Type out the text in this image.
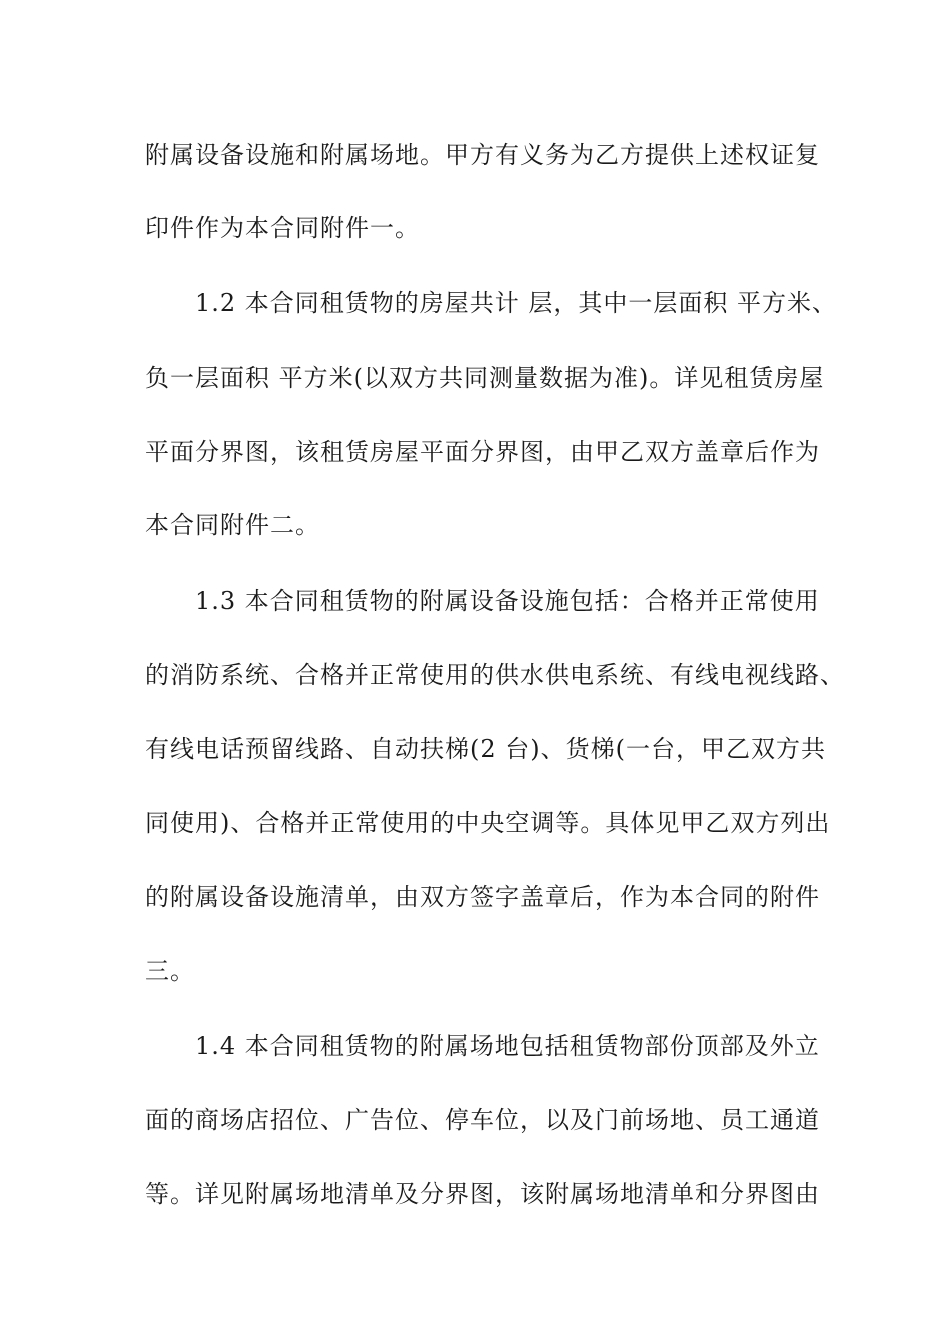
附属设备设施和附属场地。甲方有义务为乙方提供上述权证复
印件作为本合同附件一。
1.2 本合同租赁物的房屋共计 层，其中一层面积 平方米、
负一层面积 平方米(以双方共同测量数据为准)。详见租赁房屋
平面分界图，该租赁房屋平面分界图，由甲乙双方盖章后作为
本合同附件二。
1.3 本合同租赁物的附属设备设施包括：合格并正常使用
的消防系统、合格并正常使用的供水供电系统、有线电视线路、
有线电话预留线路、自动扶梯(2 台)、货梯(一台，甲乙双方共
同使用)、合格并正常使用的中央空调等。具体见甲乙双方列出
的附属设备设施清单，由双方签字盖章后，作为本合同的附件
三。
1.4 本合同租赁物的附属场地包括租赁物部份顶部及外立
面的商场店招位、广告位、停车位，以及门前场地、员工通道
等。详见附属场地清单及分界图，该附属场地清单和分界图由
